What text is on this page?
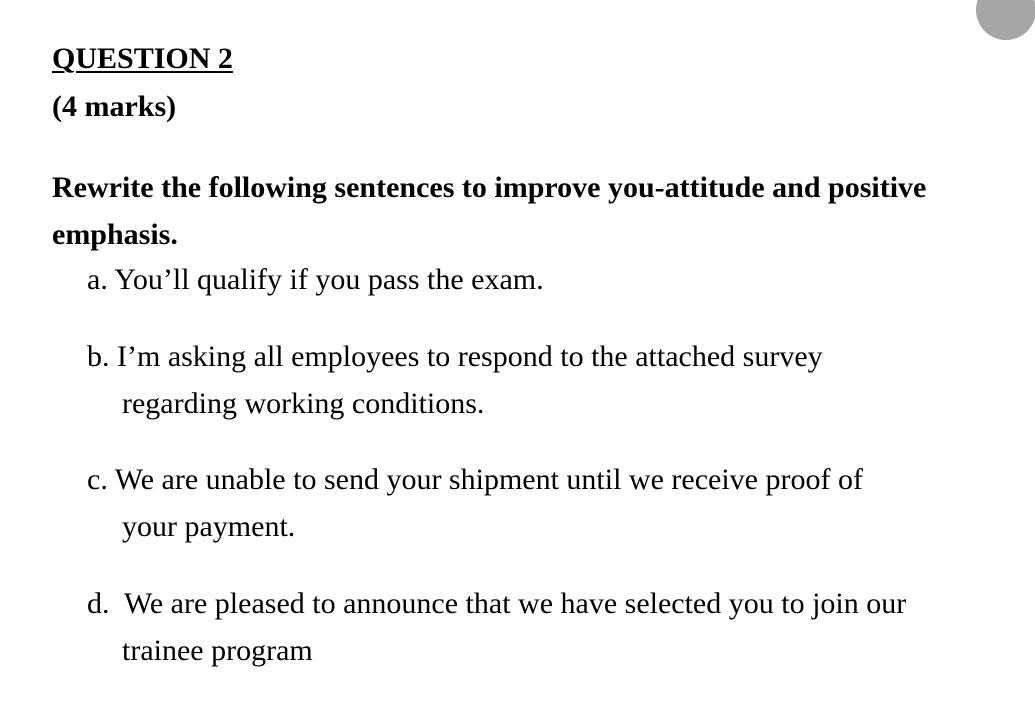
QUESTION 2
(4 marks)
Rewrite the following sentences to improve you-attitude and positive emphasis.
a. You’ll qualify if you pass the exam.
b. I’m asking all employees to respond to the attached survey
regarding working conditions.
c. We are unable to send your shipment until we receive proof of
your payment.
d.  We are pleased to announce that we have selected you to join our
trainee program
